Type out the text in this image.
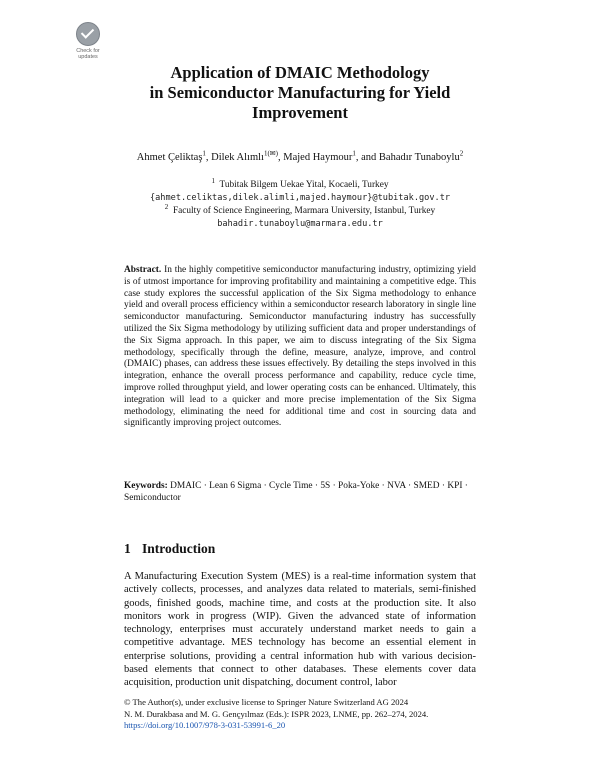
Check for updates
Application of DMAIC Methodology
in Semiconductor Manufacturing for Yield
Improvement
Ahmet Çeliktaş$^1$, Dilek Alımlı$^{1(✉)}$, Majed Haymour$^1$, and Bahadır Tunaboylu$^2$
$^1$ Tubitak Bilgem Uekae Yital, Kocaeli, Turkey
{ahmet.celiktas,dilek.alimli,majed.haymour}@tubitak.gov.tr
$^2$ Faculty of Science Engineering, Marmara University, Istanbul, Turkey
bahadir.tunaboylu@marmara.edu.tr
Abstract. In the highly competitive semiconductor manufacturing industry, optimizing yield is of utmost importance for improving profitability and maintaining a competitive edge. This case study explores the successful application of the Six Sigma methodology to enhance yield and overall process efficiency within a semiconductor research laboratory in single line semiconductor manufacturing. Semiconductor manufacturing industry has successfully utilized the Six Sigma methodology by utilizing sufficient data and proper understandings of the Six Sigma approach. In this paper, we aim to discuss integrating of the Six Sigma methodology, specifically through the define, measure, analyze, improve, and control (DMAIC) phases, can address these issues effectively. By detailing the steps involved in this integration, enhance the overall process performance and capability, reduce cycle time, improve rolled throughput yield, and lower operating costs can be enhanced. Ultimately, this integration will lead to a quicker and more precise implementation of the Six Sigma methodology, eliminating the need for additional time and cost in sourcing data and significantly improving project outcomes.
Keywords: DMAIC · Lean 6 Sigma · Cycle Time · 5S · Poka-Yoke · NVA · SMED · KPI · Semiconductor
1 Introduction
A Manufacturing Execution System (MES) is a real-time information system that actively collects, processes, and analyzes data related to materials, semi-finished goods, finished goods, machine time, and costs at the production site. It also monitors work in progress (WIP). Given the advanced state of information technology, enterprises must accurately understand market needs to gain a competitive advantage. MES technology has become an essential element in enterprise solutions, providing a central information hub with various decision-based elements that connect to other databases. These elements cover data acquisition, production unit dispatching, document control, labor
© The Author(s), under exclusive license to Springer Nature Switzerland AG 2024
N. M. Durakbasa and M. G. Gençyılmaz (Eds.): ISPR 2023, LNME, pp. 262–274, 2024.
https://doi.org/10.1007/978-3-031-53991-6_20
